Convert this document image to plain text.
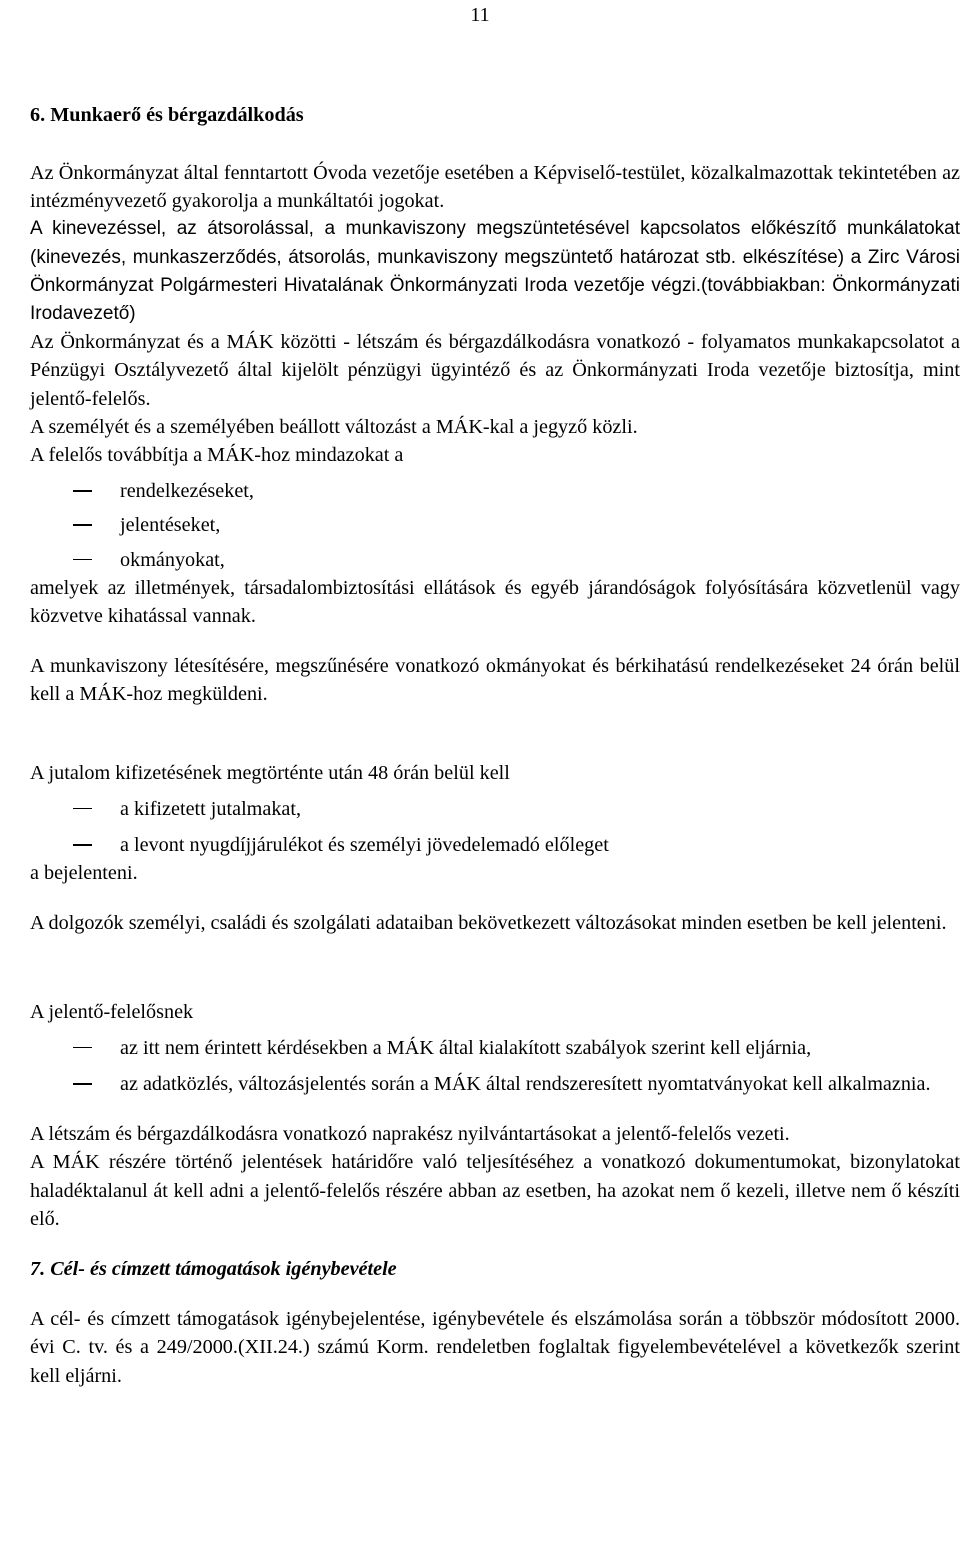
11
6. Munkaerő és bérgazdálkodás

Az Önkormányzat által fenntartott Óvoda vezetője esetében a Képviselő-testület, közalkalmazottak tekintetében az intézményvezető gyakorolja a munkáltatói jogokat.

A kinevezéssel, az átsorolással, a munkaviszony megszüntetésével kapcsolatos előkészítő munkálatokat (kinevezés, munkaszerződés, átsorolás, munkaviszony megszüntető határozat stb. elkészítése) a Zirc Városi Önkormányzat Polgármesteri Hivatalának Önkormányzati Iroda vezetője végzi.(továbbiakban: Önkormányzati Irodavezető)

Az Önkormányzat és a MÁK közötti - létszám és bérgazdálkodásra vonatkozó - folyamatos munkakapcsolatot a Pénzügyi Osztályvezető által kijelölt pénzügyi ügyintéző és az Önkormányzati Iroda vezetője biztosítja, mint jelentő-felelős.

A személyét és a személyében beállott változást a MÁK-kal a jegyző közli.

A felelős továbbítja a MÁK-hoz mindazokat a

rendelkezéseket,
jelentéseket,
okmányokat,

amelyek az illetmények, társadalombiztosítási ellátások és egyéb járandóságok folyósítására közvetlenül vagy közvetve kihatással vannak.

A munkaviszony létesítésére, megszűnésére vonatkozó okmányokat és bérkihatású rendelkezéseket 24 órán belül kell a MÁK-hoz megküldeni.

A jutalom kifizetésének megtörténte után 48 órán belül kell

a kifizetett jutalmakat,
a levont nyugdíjjárulékot és személyi jövedelemadó előleget

a bejelenteni.

A dolgozók személyi, családi és szolgálati adataiban bekövetkezett változásokat minden esetben be kell jelenteni.

A jelentő-felelősnek

az itt nem érintett kérdésekben a MÁK által kialakított szabályok szerint kell eljárnia,
az adatközlés, változásjelentés során a MÁK által rendszeresített nyomtatványokat kell alkalmaznia.

A létszám és bérgazdálkodásra vonatkozó naprakész nyilvántartásokat a jelentő-felelős vezeti.

A MÁK részére történő jelentések határidőre való teljesítéséhez a vonatkozó dokumentumokat, bizonylatokat haladéktalanul át kell adni a jelentő-felelős részére abban az esetben, ha azokat nem ő kezeli, illetve nem ő készíti elő.

7. Cél- és címzett támogatások igénybevétele

A cél- és címzett támogatások igénybejelentése, igénybevétele és elszámolása során a többször módosított 2000. évi C. tv. és a 249/2000.(XII.24.) számú Korm. rendeletben foglaltak figyelembevételével a következők szerint kell eljárni.
